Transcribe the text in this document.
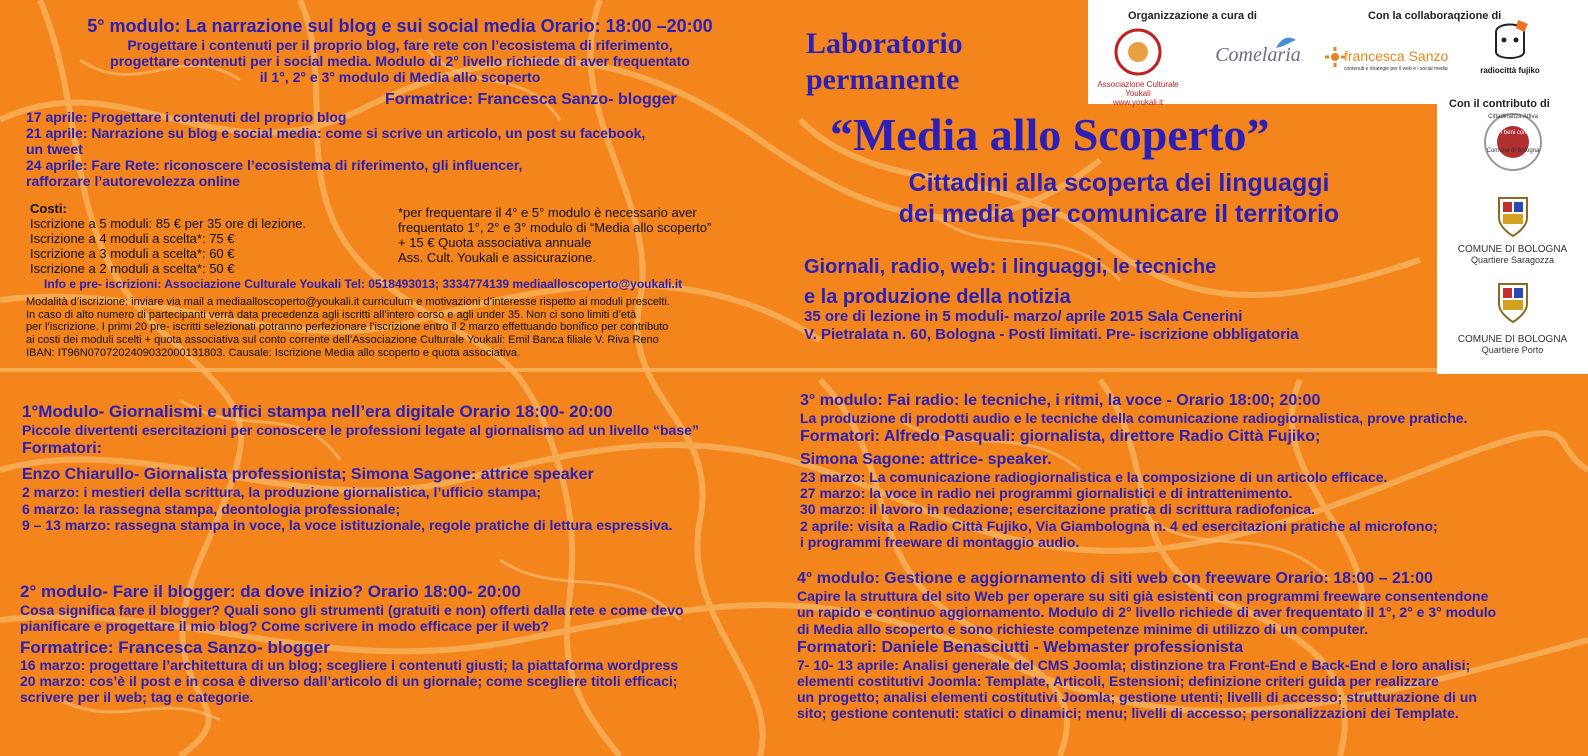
5° modulo: La narrazione sul blog e sui social media Orario: 18:00 –20:00

Progettare i contenuti per il proprio blog, fare rete con l’ecosistema di riferimento,

progettare contenuti per i social media. Modulo di 2° livello richiede di aver frequentato

il 1°, 2° e 3° modulo di Media allo scoperto

Formatrice: Francesca Sanzo- blogger

17 aprile: Progettare i contenuti del proprio blog

21 aprile: Narrazione su blog e social media: come si scrive un articolo, un post su facebook,

un tweet

24 aprile: Fare Rete: riconoscere l’ecosistema di riferimento, gli influencer,

rafforzare l’autorevolezza online

Costi:

Iscrizione a 5 moduli: 85 € per 35 ore di lezione.

Iscrizione a 4 moduli a scelta*: 75 €

Iscrizione a 3 moduli a scelta*: 60 €

Iscrizione a 2 moduli a scelta*: 50 €

*per frequentare il 4° e 5° modulo è necessario aver

frequentato 1°, 2° e 3° modulo di “Media allo scoperto”

+ 15 € Quota associativa annuale

Ass. Cult. Youkali e assicurazione.

Info e pre- iscrizioni: Associazione Culturale Youkali Tel: 0518493013; 3334774139 mediaalloscoperto@youkali.it

Modalità d’iscrizione: inviare via mail a mediaalloscoperto@youkali.it curriculum e motivazioni d’interesse rispetto ai moduli prescelti.

In caso di alto numero di partecipanti verrà data precedenza agli iscritti all’intero corso e agli under 35. Non ci sono limiti d’età

per l’iscrizione. I primi 20 pre- iscritti selezionati potranno perfezionare l’iscrizione entro il 2 marzo effettuando bonifico per contributo

ai costi dei moduli scelti + quota associativa sul conto corrente dell’Associazione Culturale Youkali: Emil Banca filiale V. Riva Reno

IBAN: IT96N0707202409032000131803. Causale: Iscrizione Media allo scoperto e quota associativa.

Laboratorio

permanente

“Media allo Scoperto”

Cittadini alla scoperta dei linguaggi

dei media per comunicare il territorio

Giornali, radio, web: i linguaggi, le tecniche

e la produzione della notizia

35 ore di lezione in 5 moduli- marzo/ aprile 2015 Sala Cenerini

V. Pietralata n. 60, Bologna - Posti limitati. Pre- iscrizione obbligatoria

Organizzazione a cura di	Con la collaboraqzione di
Associazione Culturale Youkali
www.youkali.it
Comelaria	francesca Sanzo
contenuti e strategie per il web e i social media	radiocittà fujiko
Con il contributo di
Cittadinanza Attiva
Per i beni comuni
Comune di Bologna
COMUNE DI BOLOGNA
Quartiere Saragozza
COMUNE DI BOLOGNA
Quartiere Porto

1°Modulo- Giornalismi e uffici stampa nell’era digitale Orario 18:00- 20:00

Piccole divertenti esercitazioni per conoscere le professioni legate al giornalismo ad un livello “base”

Formatori:

Enzo Chiarullo- Giornalista professionista; Simona Sagone: attrice speaker

2 marzo: i mestieri della scrittura, la produzione giornalistica, l’ufficio stampa;

6 marzo: la rassegna stampa, deontologia professionale;

9 – 13 marzo: rassegna stampa in voce, la voce istituzionale, regole pratiche di lettura espressiva.

2° modulo- Fare il blogger: da dove inizio? Orario 18:00- 20:00

Cosa significa fare il blogger? Quali sono gli strumenti (gratuiti e non) offerti dalla rete e come devo

pianificare e progettare il mio blog? Come scrivere in modo efficace per il web?

Formatrice: Francesca Sanzo- blogger

16 marzo: progettare l’architettura di un blog; scegliere i contenuti giusti; la piattaforma wordpress

20 marzo: cos’è il post e in cosa è diverso dall’articolo di un giornale; come scegliere titoli efficaci;

scrivere per il web; tag e categorie.

3° modulo: Fai radio: le tecniche, i ritmi, la voce - Orario 18:00; 20:00

La produzione di prodotti audio e le tecniche della comunicazione radiogiornalistica, prove pratiche.

Formatori: Alfredo Pasquali: giornalista, direttore Radio Città Fujiko;

Simona Sagone: attrice- speaker.

23 marzo: La comunicazione radiogiornalistica e la composizione di un articolo efficace.

27 marzo: la voce in radio nei programmi giornalistici e di intrattenimento.

30 marzo: il lavoro in redazione; esercitazione pratica di scrittura radiofonica.

2 aprile: visita a Radio Città Fujiko, Via Giambologna n. 4 ed esercitazioni pratiche al microfono;

i programmi freeware di montaggio audio.

4° modulo: Gestione e aggiornamento di siti web con freeware Orario: 18:00 – 21:00

Capire la struttura del sito Web per operare su siti già esistenti con programmi freeware consentendone

un rapido e continuo aggiornamento. Modulo di 2° livello richiede di aver frequentato il 1°, 2° e 3° modulo

di Media allo scoperto e sono richieste competenze minime di utilizzo di un computer.

Formatori: Daniele Benasciutti - Webmaster professionista

7- 10- 13 aprile: Analisi generale del CMS Joomla; distinzione tra Front-End e Back-End e loro analisi;

elementi costitutivi Joomla: Template, Articoli, Estensioni; definizione criteri guida per realizzare

un progetto; analisi elementi costitutivi Joomla; gestione utenti; livelli di accesso; strutturazione di un

sito; gestione contenuti: statici o dinamici; menu; livelli di accesso; personalizzazioni dei Template.
